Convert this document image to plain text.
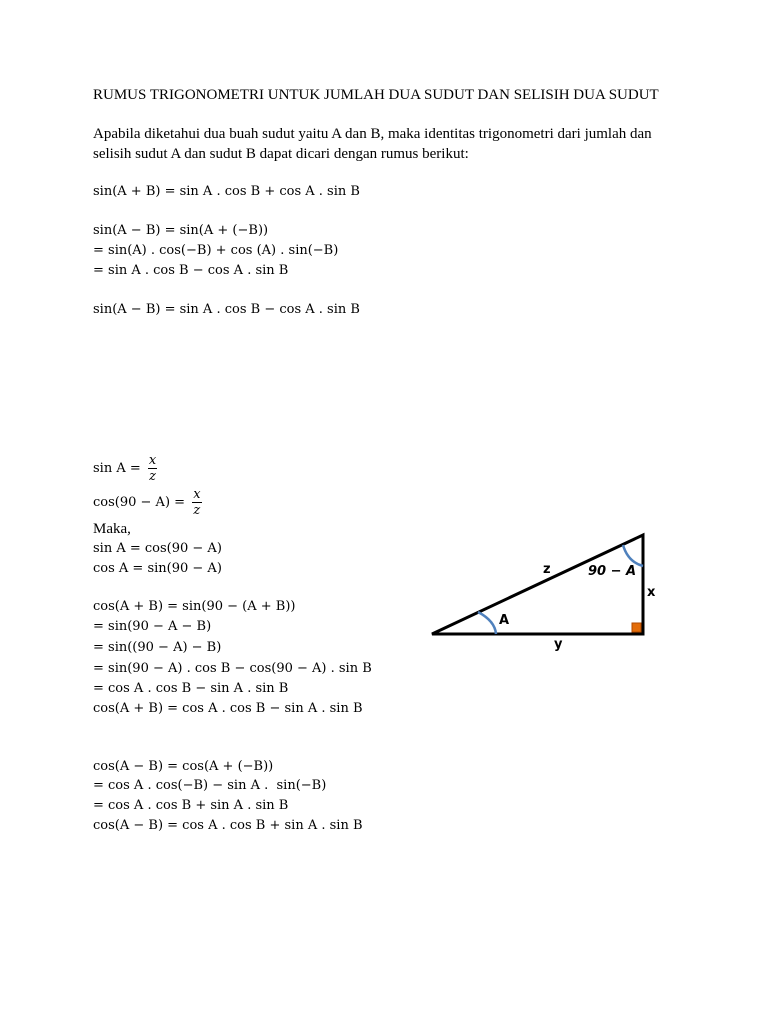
RUMUS TRIGONOMETRI UNTUK JUMLAH DUA SUDUT DAN SELISIH DUA SUDUT
Apabila diketahui dua buah sudut yaitu A dan B, maka identitas trigonometri dari jumlah dan selisih sudut A dan sudut B dapat dicari dengan rumus berikut:
sin(A + B) = sin A . cos B + cos A . sin B
sin(A − B) = sin(A + (−B))
= sin(A) . cos(−B) + cos (A) . sin(−B)
= sin A . cos B − cos A . sin B
sin(A − B) = sin A . cos B − cos A . sin B
$\sin A = \frac{x}{z}$
$\cos(90 - A) = \frac{x}{z}$
Maka,
sin A = cos(90 − A)
cos A = sin(90 − A)
cos(A + B) = sin(90 − (A + B))
= sin(90 − A − B)
= sin((90 − A) − B)
= sin(90 − A) . cos B − cos(90 − A) . sin B
= cos A . cos B − sin A . sin B
cos(A + B) = cos A . cos B − sin A . sin B
cos(A − B) = cos(A + (−B))
= cos A . cos(−B) − sin A .  sin(−B)
= cos A . cos B + sin A . sin B
cos(A − B) = cos A . cos B + sin A . sin B
z	90 − A
x
A
y
